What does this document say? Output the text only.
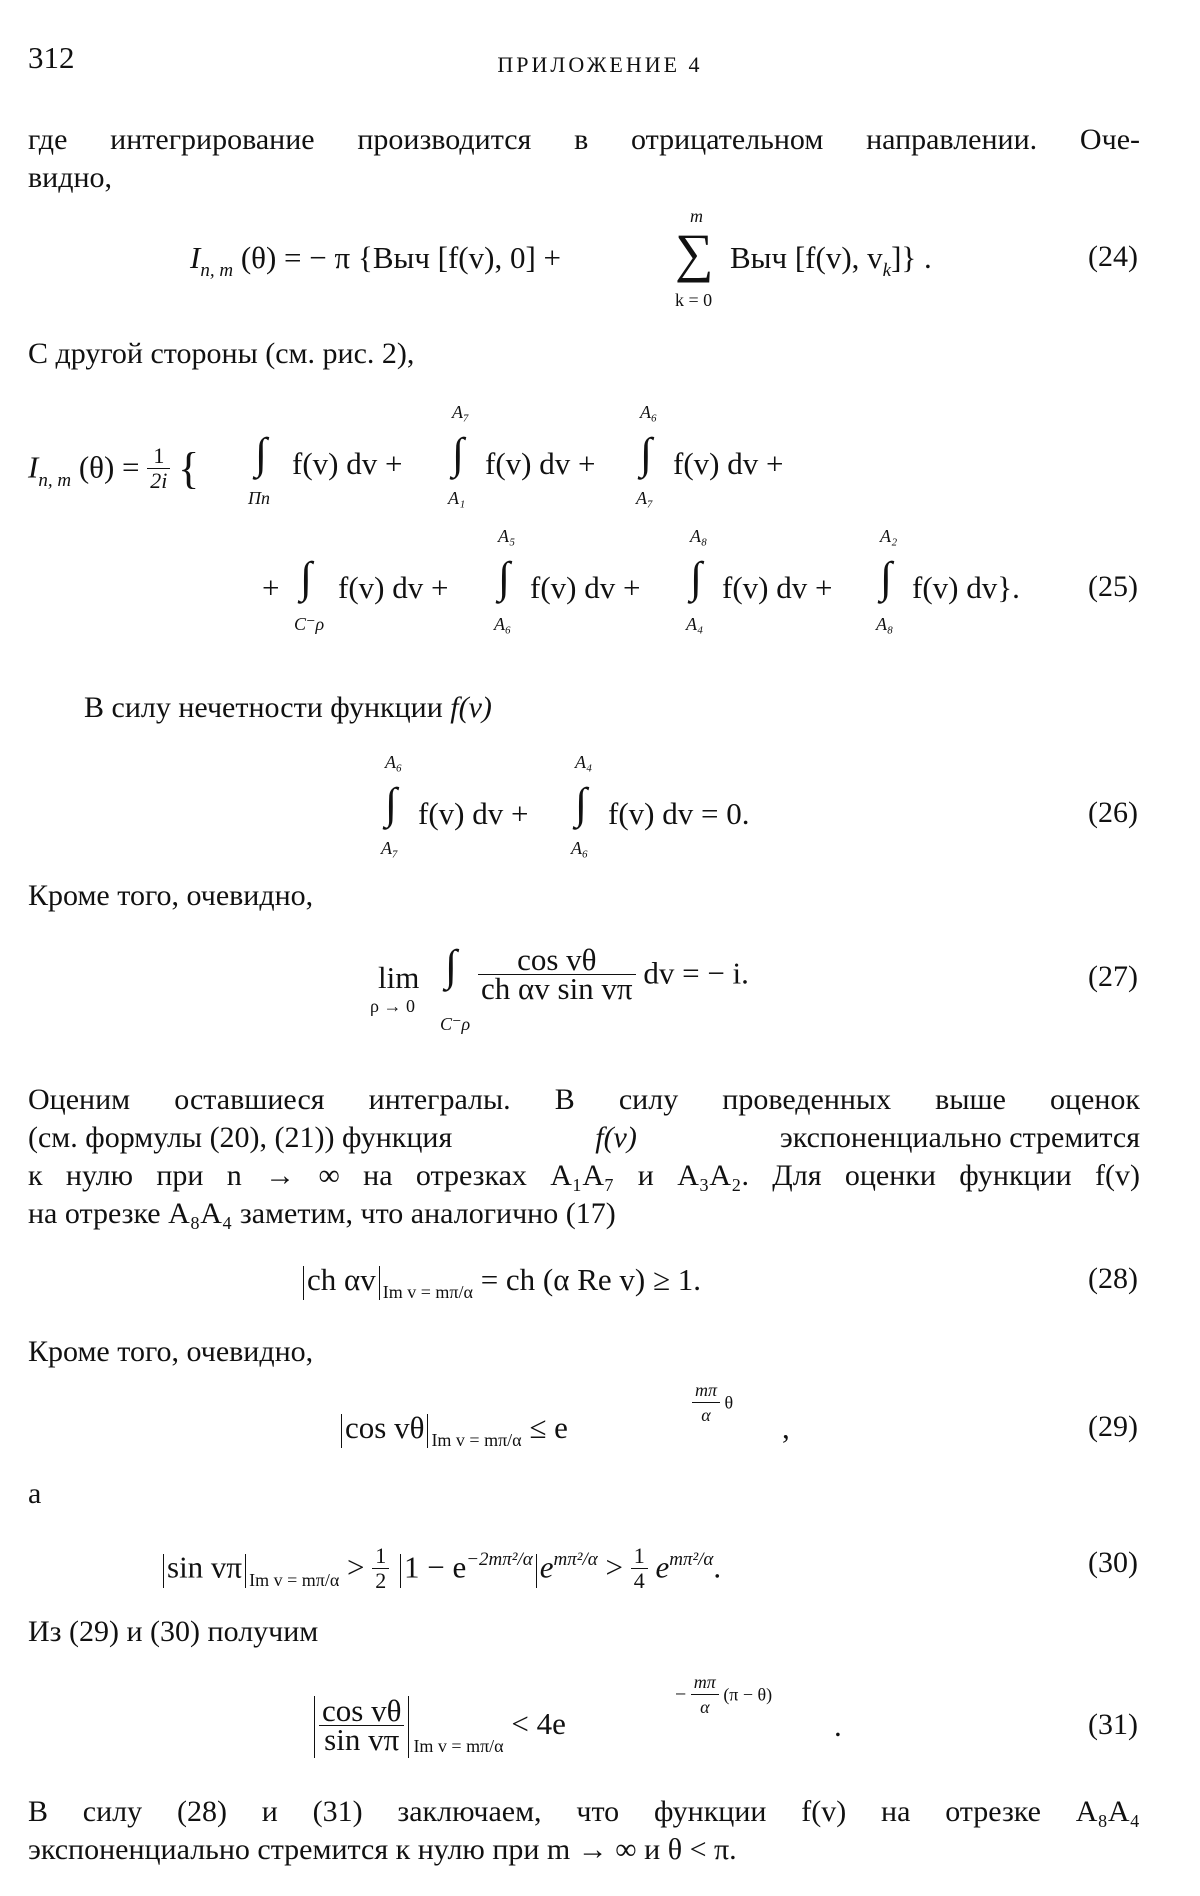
312	ПРИЛОЖЕНИЕ 4
где интегрирование производится в отрицательном направлении. Оче-
видно,
$I_{n, m}$ (θ) = − π {Выч [f(v), 0] +
m
∑
k = 0
Выч [f(v), $v_k$]} .	(24)
С другой стороны (см. рис. 2),
$I_{n, m}$ $(\theta) = \frac{1}{2i}$ { ∫
Πn
f(v) dv +
A₇
∫
A₁
f(v) dv +
A₆
∫
A₇
f(v) dv +
+ ∫
C⁻ρ
f(v) dv +
A₅
∫
A₆
f(v) dv +
A₈
∫
A₄
f(v) dv +
A₂
∫
A₈
f(v) dv}. (25)
В силу нечетности функции f(v)
A₆
∫
A₇
f(v) dv +
A₄
∫
A₆
f(v) dv = 0.	(26)
Кроме того, очевидно,
lim
ρ → 0
∫
C⁻ρ
$\frac{\text{cos vθ}}{\text{ch αv sin vπ}}$ dv = − i.	(27)
Оценим оставшиеся интегралы. В силу проведенных выше оценок
(см. формулы (20), (21)) функция	f(v)	экспоненциально стремится
к нулю при n → ∞ на отрезках A₁A₇ и A₃A₂. Для оценки функции f(v)
на отрезке A₈A₄ заметим, что аналогично (17)
ch αv $_{Im v = m\pi/\alpha}$ = ch (α Re v) ≥ 1.	(28)
Кроме того, очевидно,
cos vθ $_{Im v = m\pi/\alpha}$ ≤ e
$\frac{m\pi}{\alpha}$ θ
,	(29)
а
sin vπ $_{Im v = m\pi/\alpha} > \frac{1}{2} 1 - e^{-2m\pi^2/\alpha}$ $e^{m\pi^2/\alpha} > \frac{1}{4} e^{m\pi^2/\alpha}$.	(30)
Из (29) и (30) получим
$\frac{\text{cos vθ}}{\text{sin vπ}} _{Im v = m\pi/\alpha} < 4e$
− $\frac{m\pi}{\alpha} (\pi - \theta)$
.	(31)
В силу (28) и (31) заключаем, что функции f(v) на отрезке A₈A₄
экспоненциально стремится к нулю при m → ∞ и θ < π.
